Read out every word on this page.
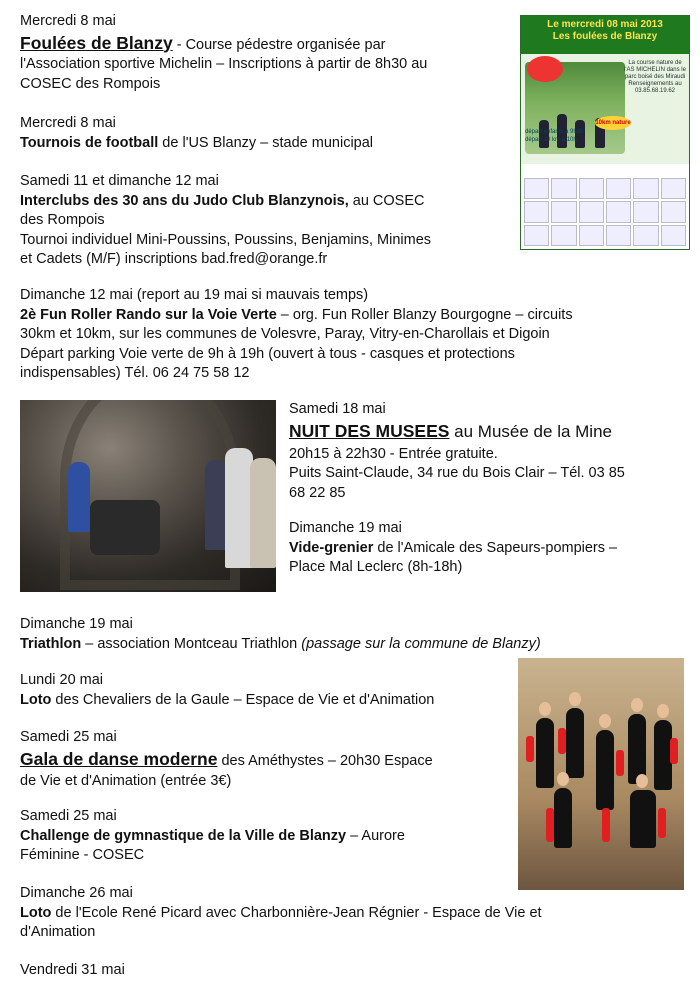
Mercredi 8 mai
Foulées de Blanzy - Course pédestre organisée par
l'Association sportive Michelin – Inscriptions à partir de 8h30 au
COSEC des Rompois
Mercredi 8 mai
Tournois de football de l'US Blanzy – stade municipal
Samedi 11 et dimanche 12 mai
Interclubs des 30 ans du Judo Club Blanzynois, au COSEC
des Rompois
Tournoi individuel Mini-Poussins, Poussins, Benjamins, Minimes
et Cadets (M/F) inscriptions bad.fred@orange.fr
Dimanche 12 mai (report au 19 mai si mauvais temps)
2è Fun Roller Rando sur la Voie Verte – org. Fun Roller Blanzy Bourgogne – circuits
30km et 10km, sur les communes de Volesvre, Paray, Vitry-en-Charollais et Digoin
Départ parking Voie verte de 9h à 19h (ouvert à tous - casques et protections
indispensables) Tél. 06 24 75 58 12
Samedi 18 mai
NUIT DES MUSEES au Musée de la Mine
20h15 à 22h30 - Entrée gratuite.
Puits Saint-Claude, 34 rue du Bois Clair – Tél. 03 85
68 22 85
Dimanche 19 mai
Vide-grenier de l'Amicale des Sapeurs-pompiers –
Place Mal Leclerc (8h-18h)
Dimanche 19 mai
Triathlon – association Montceau Triathlon (passage sur la commune de Blanzy)
Lundi 20 mai
Loto des Chevaliers de la Gaule – Espace de Vie et d'Animation
Samedi 25 mai
Gala de danse moderne des Améthystes – 20h30 Espace
de Vie et d'Animation (entrée 3€)
Samedi 25 mai
Challenge de gymnastique de la Ville de Blanzy – Aurore
Féminine - COSEC
Dimanche 26 mai
Loto de l'Ecole René Picard avec Charbonnière-Jean Régnier - Espace de Vie et
d'Animation
Vendredi 31 mai
Le mercredi 08 mai 2013
Les foulées de Blanzy
La course nature de l'AS MICHELIN dans le parc boisé des Miraudi Renseignements au 03.85.68.19.62
10km nature
départ enfants à 9h30
départ 10 km à 10h
